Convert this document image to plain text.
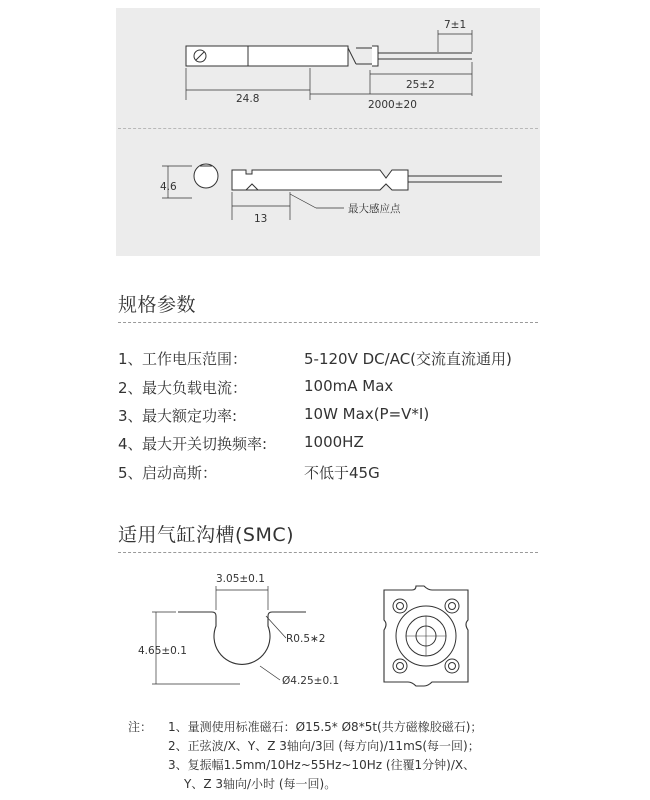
7±1
25±2
24.8	2000±20
4.6
13
最大感应点
规格参数
1、 工作电压范围：	5-120V DC/AC(交流直流通用)
2、 最大负载电流：	100mA Max
3、 最大额定功率:	10W Max(P=V*I)
4、 最大开关切换频率: 1000HZ
5、 启动高斯：	不低于45G
适用气缸沟槽(SMC)
3.05±0.1
4.65±0.1
R0.5∗2
Ø4.25±0.1
注： 1、量测使用标准磁石：Ø15.5* Ø8*5t(共方磁橡胶磁石)；
2、正弦波/X、Y、Z 3轴向/3回 (每方向)/11mS(每一回)；
3、复振幅1.5mm/10Hz~55Hz~10Hz (往覆1分钟)/X、
Y、Z 3轴向/小时 (每一回)。
